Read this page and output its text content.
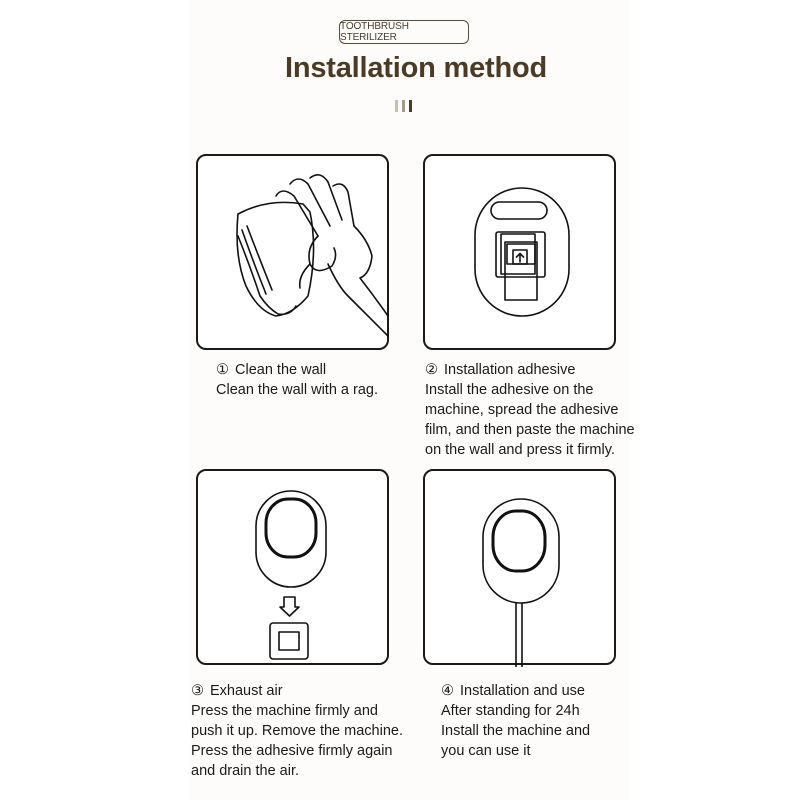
TOOTHBRUSH STERILIZER
Installation method
① Clean the wall
Clean the wall with a rag.
② Installation adhesive
Install the adhesive on the
machine, spread the adhesive
film, and then paste the machine
on the wall and press it firmly.
③ Exhaust air
Press the machine firmly and
push it up. Remove the machine.
Press the adhesive firmly again
and drain the air.
④ Installation and use
After standing for 24h
Install the machine and
you can use it
